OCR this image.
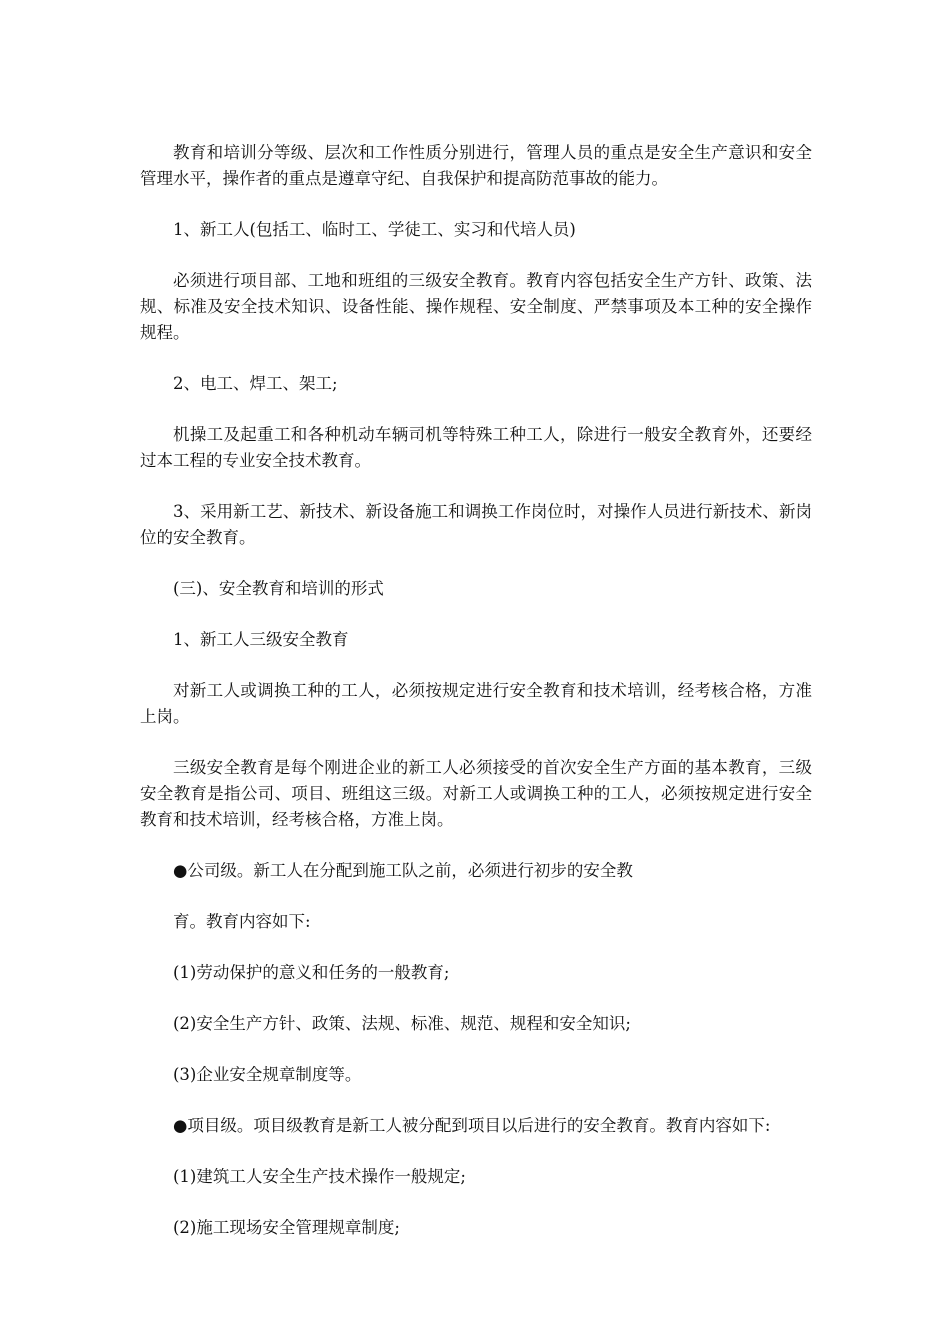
教育和培训分等级、层次和工作性质分别进行，管理人员的重点是安全生产意识和安全管理水平，操作者的重点是遵章守纪、自我保护和提高防范事故的能力。

1、新工人(包括工、临时工、学徒工、实习和代培人员)

必须进行项目部、工地和班组的三级安全教育。教育内容包括安全生产方针、政策、法规、标准及安全技术知识、设备性能、操作规程、安全制度、严禁事项及本工种的安全操作规程。

2、电工、焊工、架工;

机操工及起重工和各种机动车辆司机等特殊工种工人，除进行一般安全教育外，还要经过本工程的专业安全技术教育。

3、采用新工艺、新技术、新设备施工和调换工作岗位时，对操作人员进行新技术、新岗位的安全教育。

(三)、安全教育和培训的形式

1、新工人三级安全教育

对新工人或调换工种的工人，必须按规定进行安全教育和技术培训，经考核合格，方准上岗。

三级安全教育是每个刚进企业的新工人必须接受的首次安全生产方面的基本教育，三级安全教育是指公司、项目、班组这三级。对新工人或调换工种的工人，必须按规定进行安全教育和技术培训，经考核合格，方准上岗。

●公司级。新工人在分配到施工队之前，必须进行初步的安全教

育。教育内容如下:

(1)劳动保护的意义和任务的一般教育;

(2)安全生产方针、政策、法规、标准、规范、规程和安全知识;

(3)企业安全规章制度等。

●项目级。项目级教育是新工人被分配到项目以后进行的安全教育。教育内容如下:

(1)建筑工人安全生产技术操作一般规定;

(2)施工现场安全管理规章制度;
